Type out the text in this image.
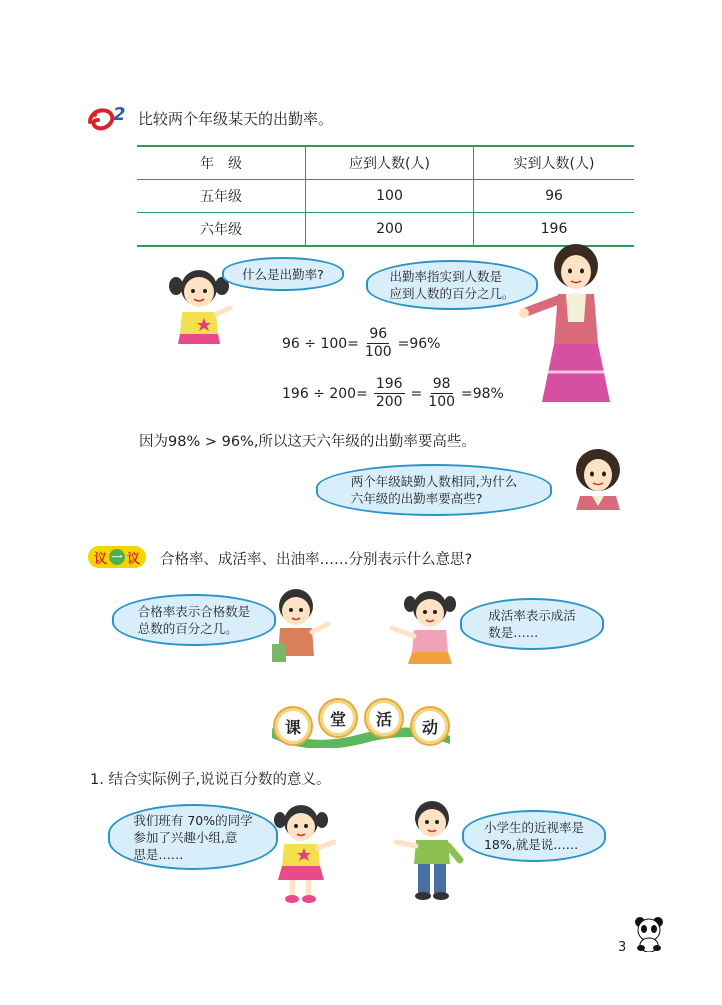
2 比较两个年级某天的出勤率。
年　级	应到人数(人)	实到人数(人)
五年级	100	96
六年级	200	196
什么是出勤率?	出勤率指实到人数是
应到人数的百分之几。
$96 \div 100= \frac{96}{100} =96\%$
$196 \div 200= \frac{196}{200} = \frac{98}{100} =98\%$
因为98% > 96%,所以这天六年级的出勤率要高些。
两个年级缺勤人数相同,为什么
六年级的出勤率要高些?
议 一 议 合格率、成活率、出油率……分别表示什么意思?
合格率表示合格数是
总数的百分之几。
成活率表示成活
数是……
课	堂	活	动
1. 结合实际例子,说说百分数的意义。
我们班有 70%的同学
参加了兴趣小组,意
思是……
小学生的近视率是
18%,就是说……
3
